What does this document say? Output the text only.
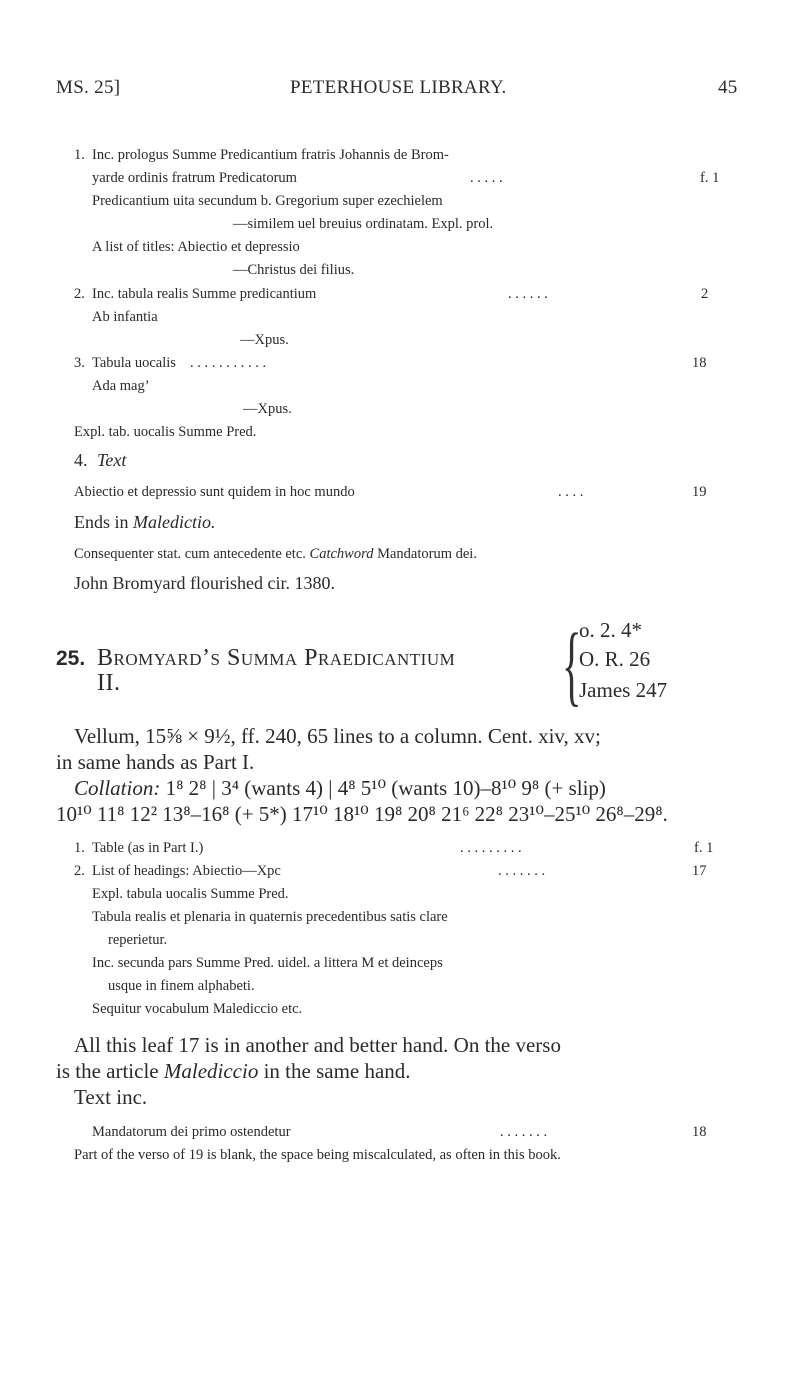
MS. 25]	PETERHOUSE LIBRARY.	45
1. Inc. prologus Summe Predicantium fratris Johannis de Brom-
yarde ordinis fratrum Predicatorum	. . . . .	f. 1
Predicantium uita secundum b. Gregorium super ezechielem
—similem uel breuius ordinatam. Expl. prol.
A list of titles: Abiectio et depressio
—Christus dei filius.
2. Inc. tabula realis Summe predicantium	. . . . . .	2
Ab infantia
—Xpus.
3. Tabula uocalis . . . . . . . . . . .	18
Ada mag’
—Xpus.
Expl. tab. uocalis Summe Pred.
4. Text
Abiectio et depressio sunt quidem in hoc mundo	. . . .	19
Ends in Maledictio.
Consequenter stat. cum antecedente etc. Catchword Mandatorum dei.
John Bromyard flourished cir. 1380.
25. Bromyard’s Summa Praedicantium
II.	{
o. 2. 4*
O. R. 26
James 247
Vellum, 15⅝ × 9½, ff. 240, 65 lines to a column. Cent. xiv, xv;
in same hands as Part I.
Collation: 1⁸ 2⁸ | 3⁴ (wants 4) | 4⁸ 5¹⁰ (wants 10)–8¹⁰ 9⁸ (+ slip)
10¹⁰ 11⁸ 12² 13⁸–16⁸ (+ 5*) 17¹⁰ 18¹⁰ 19⁸ 20⁸ 21⁶ 22⁸ 23¹⁰–25¹⁰ 26⁸–29⁸.
1. Table (as in Part I.)	. . . . . . . . .	f. 1
2. List of headings: Abiectio—Xpc	. . . . . . .	17
Expl. tabula uocalis Summe Pred.
Tabula realis et plenaria in quaternis precedentibus satis clare
reperietur.
Inc. secunda pars Summe Pred. uidel. a littera M et deinceps
usque in finem alphabeti.
Sequitur vocabulum Malediccio etc.
All this leaf 17 is in another and better hand. On the verso
is the article Malediccio in the same hand.
Text inc.
Mandatorum dei primo ostendetur	. . . . . . .	18
Part of the verso of 19 is blank, the space being miscalculated, as often in this book.
